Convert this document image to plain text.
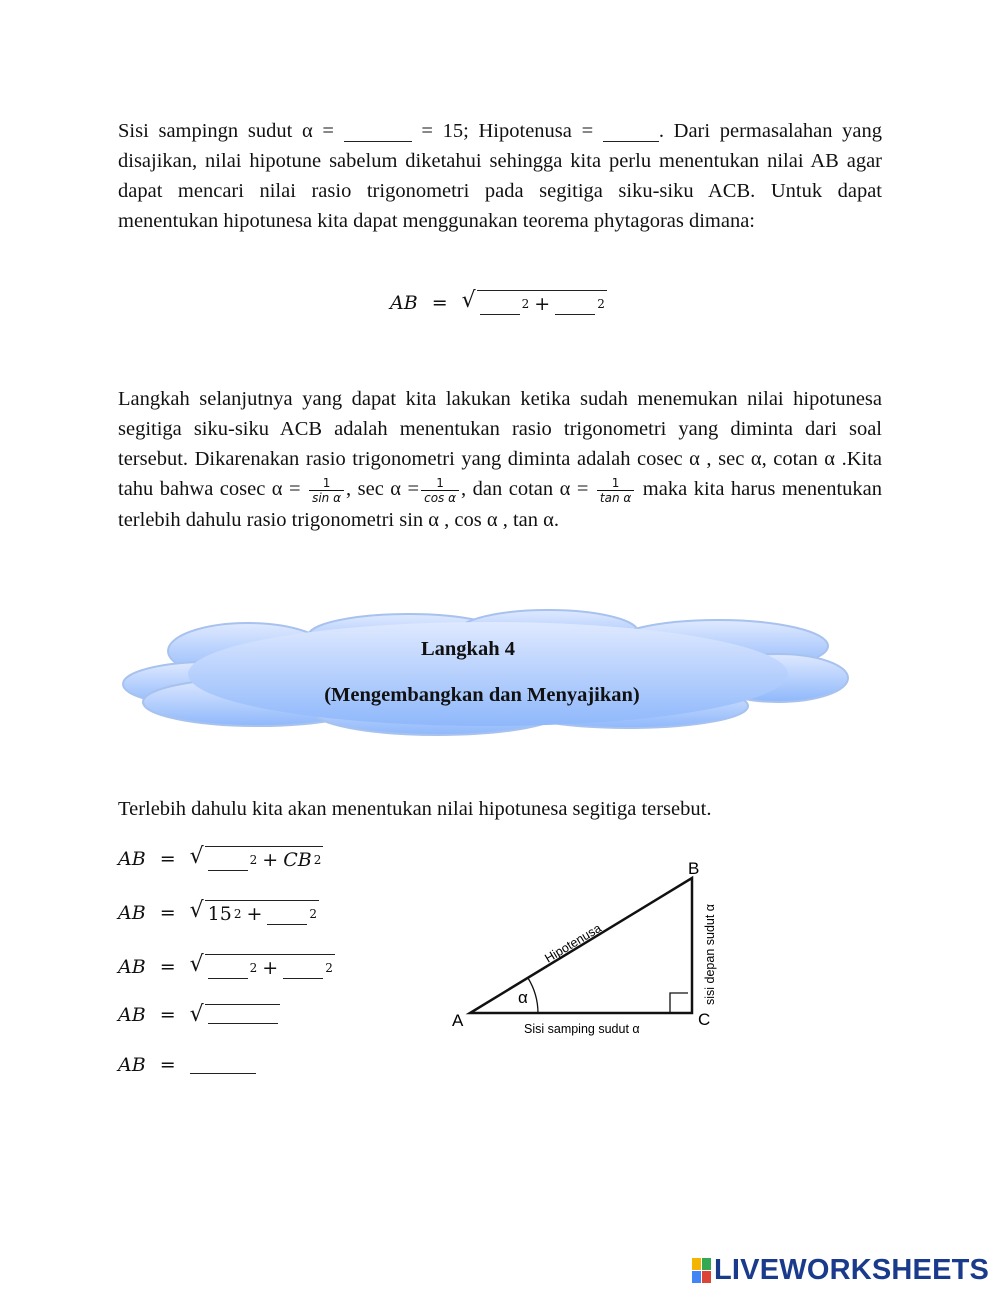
Sisi sampingn sudut α =	= 15; Hipotenusa =	. Dari permasalahan yang disajikan, nilai hipotune sabelum diketahui sehingga kita perlu menentukan nilai AB agar dapat mencari nilai rasio trigonometri pada segitiga siku-siku ACB. Untuk dapat menentukan hipotunesa kita dapat menggunakan teorema phytagoras dimana:

AB = √	$^2$ +	$^2$

Langkah selanjutnya yang dapat kita lakukan ketika sudah menemukan nilai hipotunesa segitiga siku-siku ACB adalah menentukan rasio trigonometri yang diminta dari soal tersebut. Dikarenakan rasio trigonometri yang diminta adalah cosec α , sec α, cotan α .Kita tahu bahwa cosec $\alpha = \frac{1}{\text{sin α}}$ , $\sec \alpha = \frac{1}{\text{cos α}}$ , dan cotan $\alpha = \frac{1}{\text{tan α}}$ maka kita harus menentukan terlebih dahulu rasio trigonometri sin α , cos α , tan α.

Langkah 4
(Mengembangkan dan Menyajikan)

Terlebih dahulu kita akan menentukan nilai hipotunesa segitiga tersebut.

AB = √	$^2 + CB^2$
AB = √ $15^2$ +	$^2$
AB = √	$^2$ +	$^2$
AB = √
AB =
A
B
C
α
Hipotenusa
Sisi samping sudut α
sisi depan sudut α
LIVEWORKSHEETS
